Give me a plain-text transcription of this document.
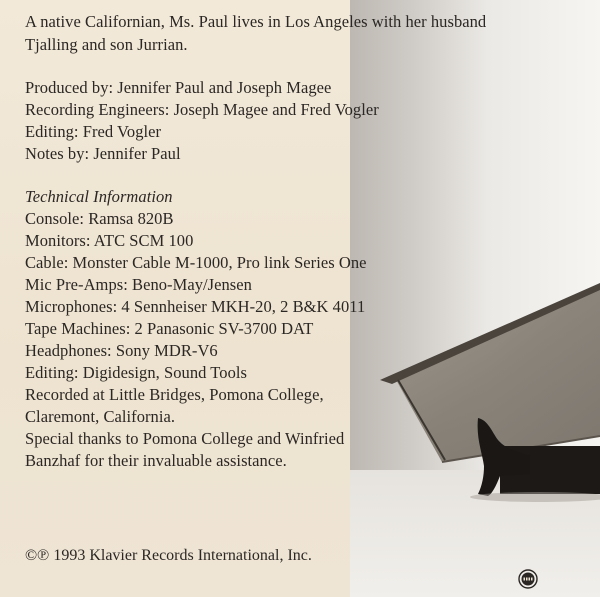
A native Californian, Ms. Paul lives in Los Angeles with her husband
Tjalling and son Jurrian.
Produced by: Jennifer Paul and Joseph Magee
Recording Engineers: Joseph Magee and Fred Vogler
Editing: Fred Vogler
Notes by: Jennifer Paul
Technical Information
Console: Ramsa 820B
Monitors: ATC SCM 100
Cable: Monster Cable M-1000, Pro link Series One
Mic Pre-Amps: Beno-May/Jensen
Microphones: 4 Sennheiser MKH-20, 2 B&K 4011
Tape Machines: 2 Panasonic SV-3700 DAT
Headphones: Sony MDR-V6
Editing: Digidesign, Sound Tools
Recorded at Little Bridges, Pomona College,
Claremont, California.
Special thanks to Pomona College and Winfried
Banzhaf for their invaluable assistance.
©℗ 1993 Klavier Records International, Inc.
